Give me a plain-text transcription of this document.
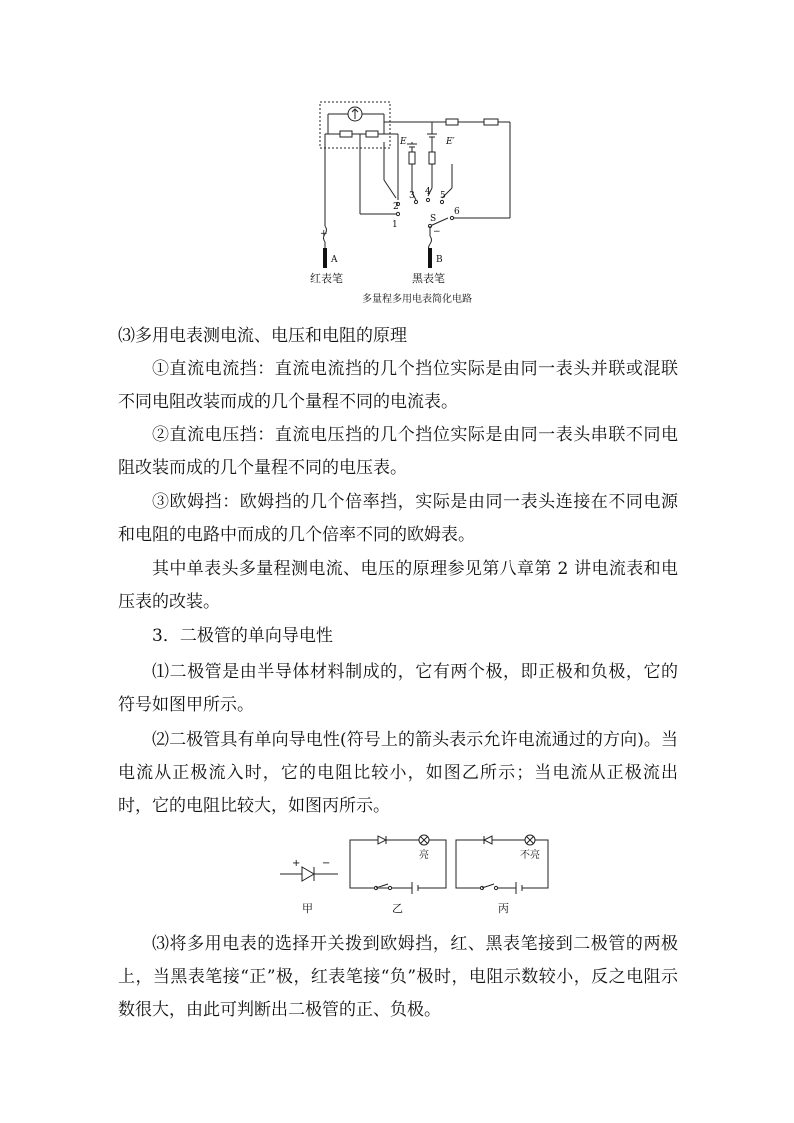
E	E′
2
1
3 4 5
6
S
+	−
A	B
红表笔	黑表笔
多量程多用电表简化电路

⑶多用电表测电流、电压和电阻的原理

①直流电流挡：直流电流挡的几个挡位实际是由同一表头并联或混联不同电阻改装而成的几个量程不同的电流表。

②直流电压挡：直流电压挡的几个挡位实际是由同一表头串联不同电阻改装而成的几个量程不同的电压表。

③欧姆挡：欧姆挡的几个倍率挡，实际是由同一表头连接在不同电源和电阻的电路中而成的几个倍率不同的欧姆表。

其中单表头多量程测电流、电压的原理参见第八章第 2 讲电流表和电压表的改装。

3．二极管的单向导电性

⑴二极管是由半导体材料制成的，它有两个极，即正极和负极，它的符号如图甲所示。

⑵二极管具有单向导电性(符号上的箭头表示允许电流通过的方向)。当电流从正极流入时，它的电阻比较小，如图乙所示；当电流从正极流出时，它的电阻比较大，如图丙所示。

+ −
亮	不亮
甲	乙	丙

⑶将多用电表的选择开关拨到欧姆挡，红、黑表笔接到二极管的两极上，当黑表笔接“正”极，红表笔接“负”极时，电阻示数较小，反之电阻示数很大，由此可判断出二极管的正、负极。
